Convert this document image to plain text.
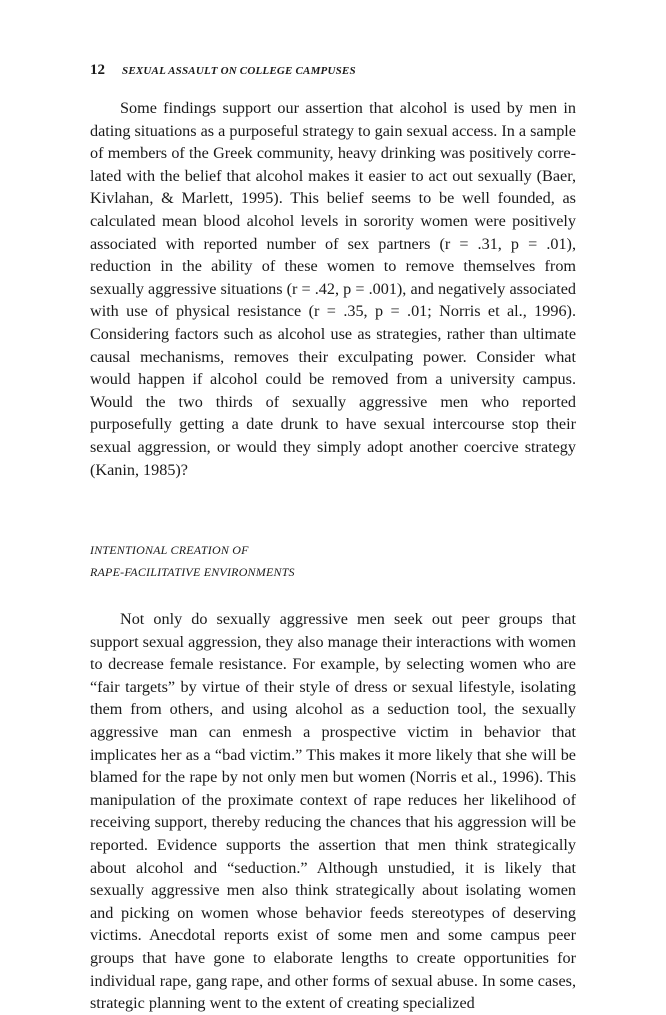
12	SEXUAL ASSAULT ON COLLEGE CAMPUSES

Some findings support our assertion that alcohol is used by men in dating situations as a purposeful strategy to gain sexual access. In a sample of members of the Greek community, heavy drinking was positively correlated with the belief that alcohol makes it easier to act out sexually (Baer, Kivlahan, & Marlett, 1995). This belief seems to be well founded, as calculated mean blood alcohol levels in sorority women were positively associated with reported number of sex partners (r = .31, p = .01), reduction in the ability of these women to remove themselves from sexually aggressive situations (r = .42, p = .001), and negatively associated with use of physical resistance (r = .35, p = .01; Norris et al., 1996). Considering factors such as alcohol use as strategies, rather than ultimate causal mechanisms, removes their exculpating power. Consider what would happen if alcohol could be removed from a university campus. Would the two thirds of sexually aggressive men who reported purposefully getting a date drunk to have sexual intercourse stop their sexual aggression, or would they simply adopt another coercive strategy (Kanin, 1985)?

INTENTIONAL CREATION OF
RAPE-FACILITATIVE ENVIRONMENTS

Not only do sexually aggressive men seek out peer groups that support sexual aggression, they also manage their interactions with women to decrease female resistance. For example, by selecting women who are “fair targets” by virtue of their style of dress or sexual lifestyle, isolating them from others, and using alcohol as a seduction tool, the sexually aggressive man can enmesh a prospective victim in behavior that implicates her as a “bad victim.” This makes it more likely that she will be blamed for the rape by not only men but women (Norris et al., 1996). This manipulation of the proximate context of rape reduces her likelihood of receiving support, thereby reducing the chances that his aggression will be reported. Evidence supports the assertion that men think strategically about alcohol and “seduction.” Although unstudied, it is likely that sexually aggressive men also think strategically about isolating women and picking on women whose behavior feeds stereotypes of deserving victims. Anecdotal reports exist of some men and some campus peer groups that have gone to elaborate lengths to create opportunities for individual rape, gang rape, and other forms of sexual abuse. In some cases, strategic planning went to the extent of creating specialized
